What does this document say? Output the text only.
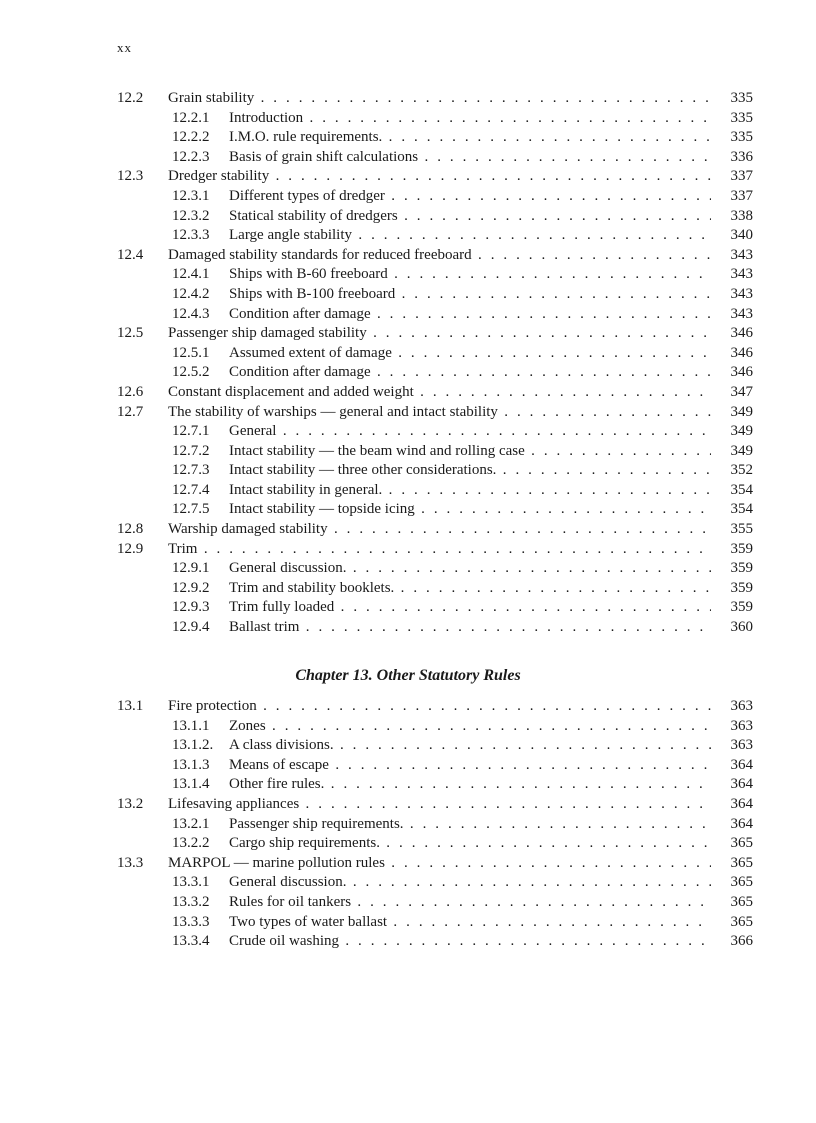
xx
12.2 Grain stability . . .	335
12.2.1 Introduction . . .	335
12.2.2 I.M.O. rule requirements. . . .	335
12.2.3 Basis of grain shift calculations . . .	336
12.3 Dredger stability . . .	337
12.3.1 Different types of dredger . . .	337
12.3.2 Statical stability of dredgers . . .	338
12.3.3 Large angle stability . . .	340
12.4 Damaged stability standards for reduced freeboard . . .	343
12.4.1 Ships with B-60 freeboard . . .	343
12.4.2 Ships with B-100 freeboard . . .	343
12.4.3 Condition after damage . . .	343
12.5 Passenger ship damaged stability . . .	346
12.5.1 Assumed extent of damage . . .	346
12.5.2 Condition after damage . . .	346
12.6 Constant displacement and added weight . . .	347
12.7 The stability of warships — general and intact stability . . .	349
12.7.1 General . . .	349
12.7.2 Intact stability — the beam wind and rolling case . . .	349
12.7.3 Intact stability — three other considerations. . . .	352
12.7.4 Intact stability in general. . . .	354
12.7.5 Intact stability — topside icing . . .	354
12.8 Warship damaged stability . . .	355
12.9 Trim . . .	359
12.9.1 General discussion. . . .	359
12.9.2 Trim and stability booklets. . . .	359
12.9.3 Trim fully loaded . . .	359
12.9.4 Ballast trim . . .	360
Chapter 13. Other Statutory Rules
13.1 Fire protection . . .	363
13.1.1 Zones . . .	363
13.1.2. A class divisions. . . .	363
13.1.3 Means of escape . . .	364
13.1.4 Other fire rules. . . .	364
13.2 Lifesaving appliances . . .	364
13.2.1 Passenger ship requirements. . . .	364
13.2.2 Cargo ship requirements. . . .	365
13.3 MARPOL — marine pollution rules . . .	365
13.3.1 General discussion. . . .	365
13.3.2 Rules for oil tankers . . .	365
13.3.3 Two types of water ballast . . .	365
13.3.4 Crude oil washing . . .	366
